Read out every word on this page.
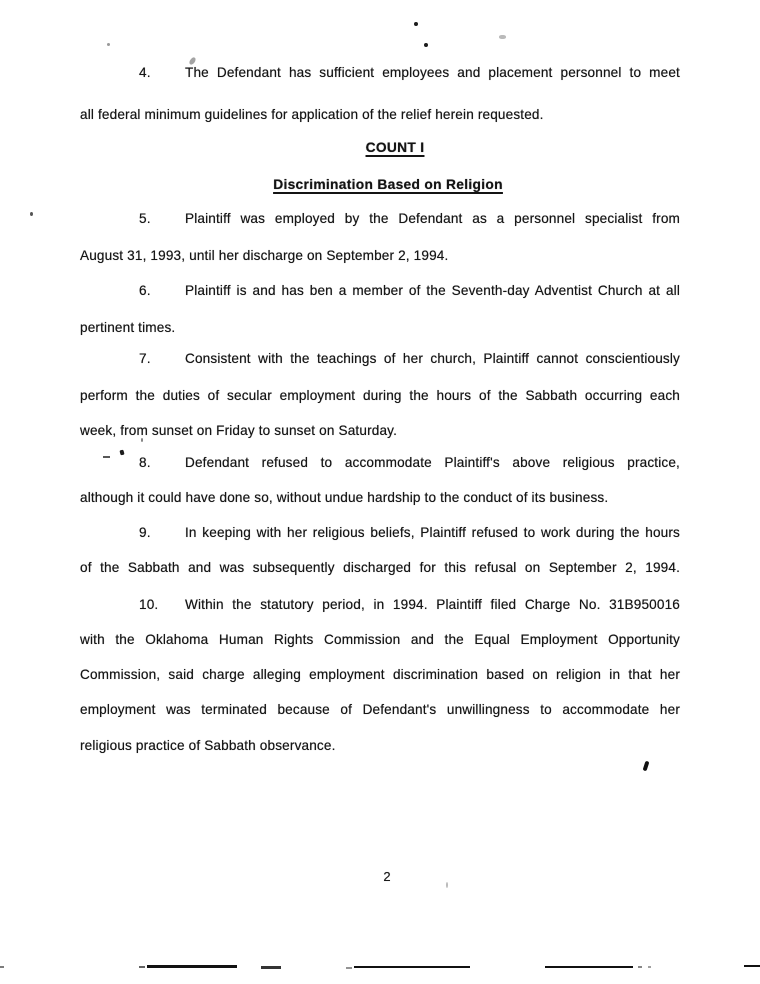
4.	The Defendant has sufficient employees and placement personnel to meet
all federal minimum guidelines for application of the relief herein requested.
COUNT I
Discrimination Based on Religion
5.	Plaintiff was employed by the Defendant as a personnel specialist from
August 31, 1993, until her discharge on September 2, 1994.
6.	Plaintiff is and has ben a member of the Seventh-day Adventist Church at all
pertinent times.
7.	Consistent with the teachings of her church, Plaintiff cannot conscientiously
perform the duties of secular employment during the hours of the Sabbath occurring each
week, from sunset on Friday to sunset on Saturday.
8.	Defendant refused to accommodate Plaintiff's above religious practice,
although it could have done so, without undue hardship to the conduct of its business.
9.	In keeping with her religious beliefs, Plaintiff refused to work during the hours
of the Sabbath and was subsequently discharged for this refusal on September 2, 1994.
10. Within the statutory period, in 1994. Plaintiff filed Charge No. 31B950016
with the Oklahoma Human Rights Commission and the Equal Employment Opportunity
Commission, said charge alleging employment discrimination based on religion in that her
employment was terminated because of Defendant's unwillingness to accommodate her
religious practice of Sabbath observance.
2
